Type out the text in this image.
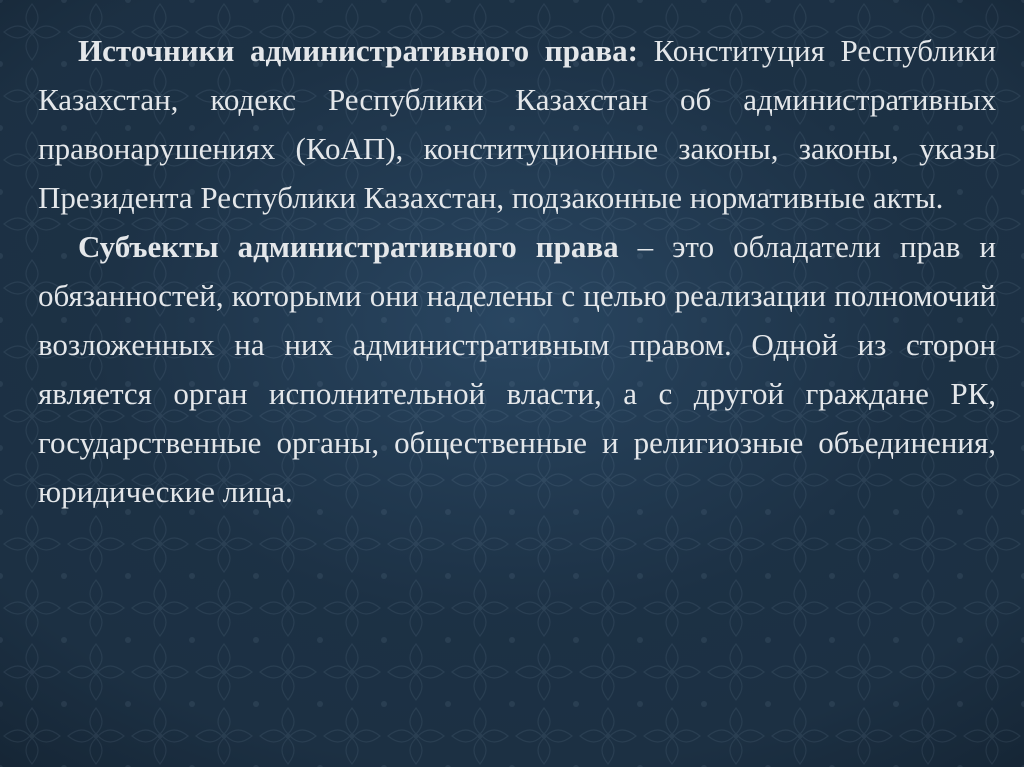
Источники административного права: Конституция Республики Казахстан, кодекс Республики Казахстан об административных правонарушениях (КоАП), конституционные законы, законы, указы Президента Республики Казахстан, подзаконные нормативные акты.

Субъекты административного права – это обладатели прав и обязанностей, которыми они наделены с целью реализации полномочий возложенных на них административным правом. Одной из сторон является орган исполнительной власти, а с другой граждане РК, государственные органы, общественные и религиозные объединения, юридические лица.
